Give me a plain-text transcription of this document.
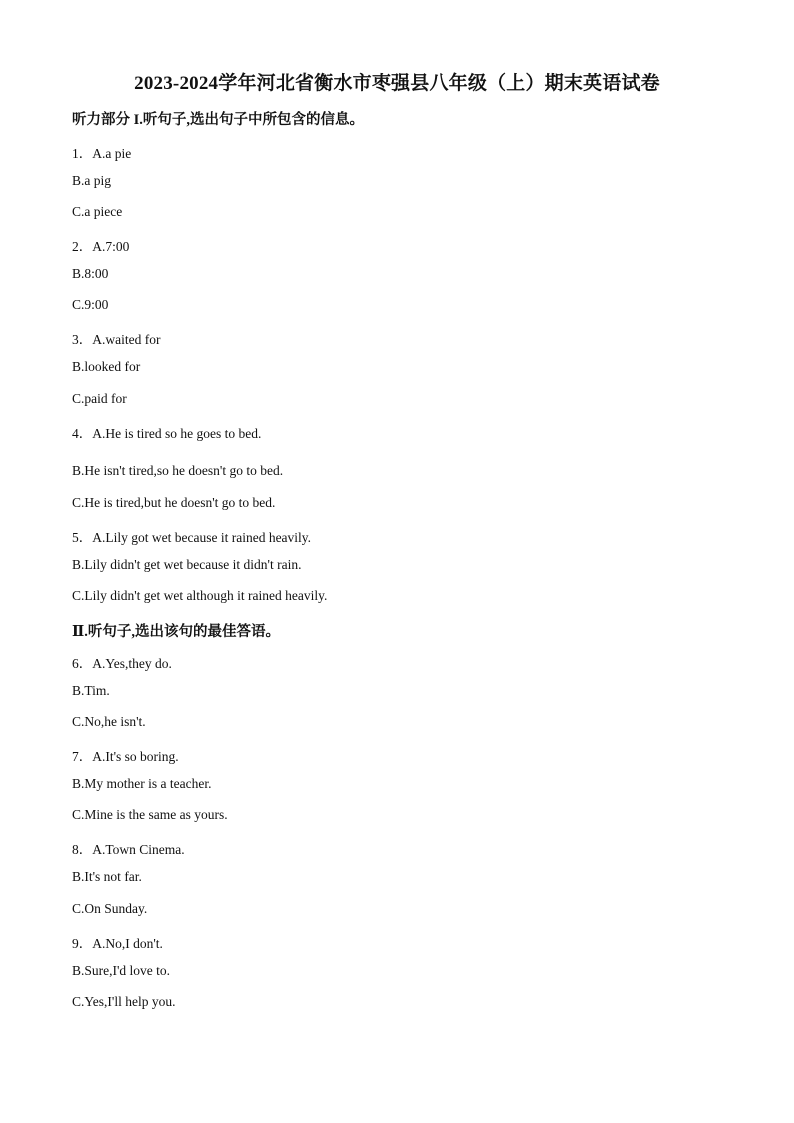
2023-2024学年河北省衡水市枣强县八年级（上）期末英语试卷
听力部分 I.听句子,选出句子中所包含的信息。
1．A.a pie
B.a pig
C.a piece
2．A.7:00
B.8:00
C.9:00
3．A.waited for
B.looked for
C.paid for
4．A.He is tired so he goes to bed.
B.He isn't tired,so he doesn't go to bed.
C.He is tired,but he doesn't go to bed.
5．A.Lily got wet because it rained heavily.
B.Lily didn't get wet because it didn't rain.
C.Lily didn't get wet although it rained heavily.
Ⅱ.听句子,选出该句的最佳答语。
6．A.Yes,they do.
B.Tim.
C.No,he isn't.
7．A.It's so boring.
B.My mother is a teacher.
C.Mine is the same as yours.
8．A.Town Cinema.
B.It's not far.
C.On Sunday.
9．A.No,I don't.
B.Sure,I'd love to.
C.Yes,I'll help you.
